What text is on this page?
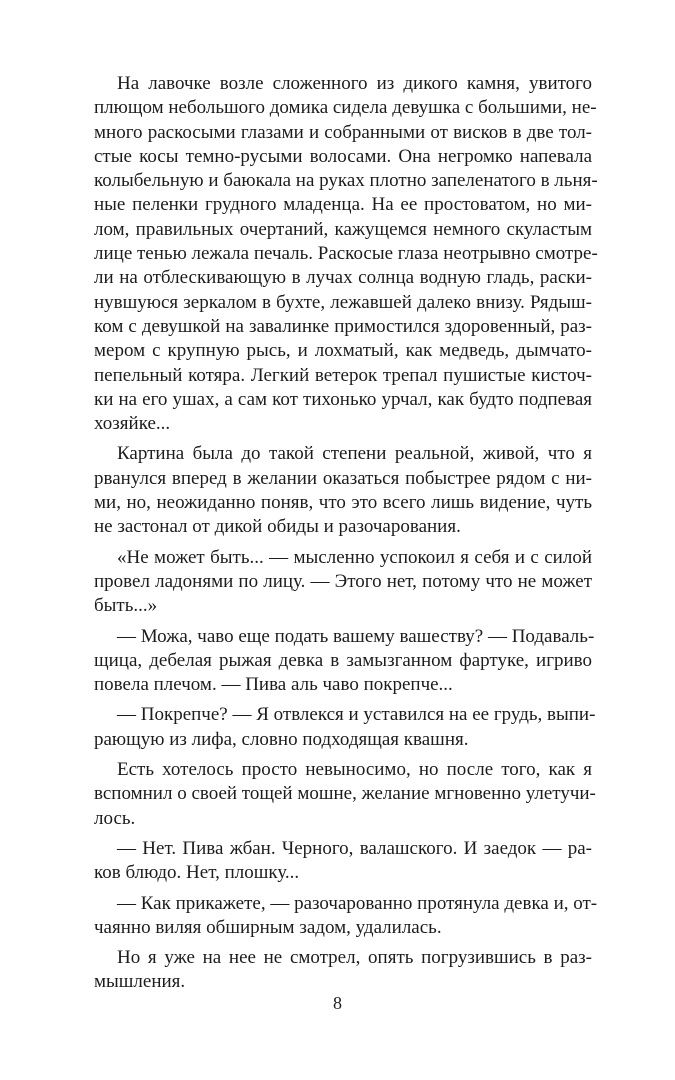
На лавочке возле сложенного из дикого камня, увитого
плющом небольшого домика сидела девушка с большими, не-
много раскосыми глазами и собранными от висков в две тол-
стые косы темно-русыми волосами. Она негромко напевала
колыбельную и баюкала на руках плотно запеленатого в льня-
ные пеленки грудного младенца. На ее простоватом, но ми-
лом, правильных очертаний, кажущемся немного скуластым
лице тенью лежала печаль. Раскосые глаза неотрывно смотре-
ли на отблескивающую в лучах солнца водную гладь, раски-
нувшуюся зеркалом в бухте, лежавшей далеко внизу. Рядыш-
ком с девушкой на завалинке примостился здоровенный, раз-
мером с крупную рысь, и лохматый, как медведь, дымчато-
пепельный котяра. Легкий ветерок трепал пушистые кисточ-
ки на его ушах, а сам кот тихонько урчал, как будто подпевая
хозяйке...
Картина была до такой степени реальной, живой, что я
рванулся вперед в желании оказаться побыстрее рядом с ни-
ми, но, неожиданно поняв, что это всего лишь видение, чуть
не застонал от дикой обиды и разочарования.
«Не может быть... — мысленно успокоил я себя и с силой
провел ладонями по лицу. — Этого нет, потому что не может
быть...»
— Можа, чаво еще подать вашему вашеству? — Подаваль-
щица, дебелая рыжая девка в замызганном фартуке, игриво
повела плечом. — Пива аль чаво покрепче...
— Покрепче? — Я отвлекся и уставился на ее грудь, выпи-
рающую из лифа, словно подходящая квашня.
Есть хотелось просто невыносимо, но после того, как я
вспомнил о своей тощей мошне, желание мгновенно улетучи-
лось.
— Нет. Пива жбан. Черного, валашского. И заедок — ра-
ков блюдо. Нет, плошку...
— Как прикажете, — разочарованно протянула девка и, от-
чаянно виляя обширным задом, удалилась.
Но я уже на нее не смотрел, опять погрузившись в раз-
мышления.
8
